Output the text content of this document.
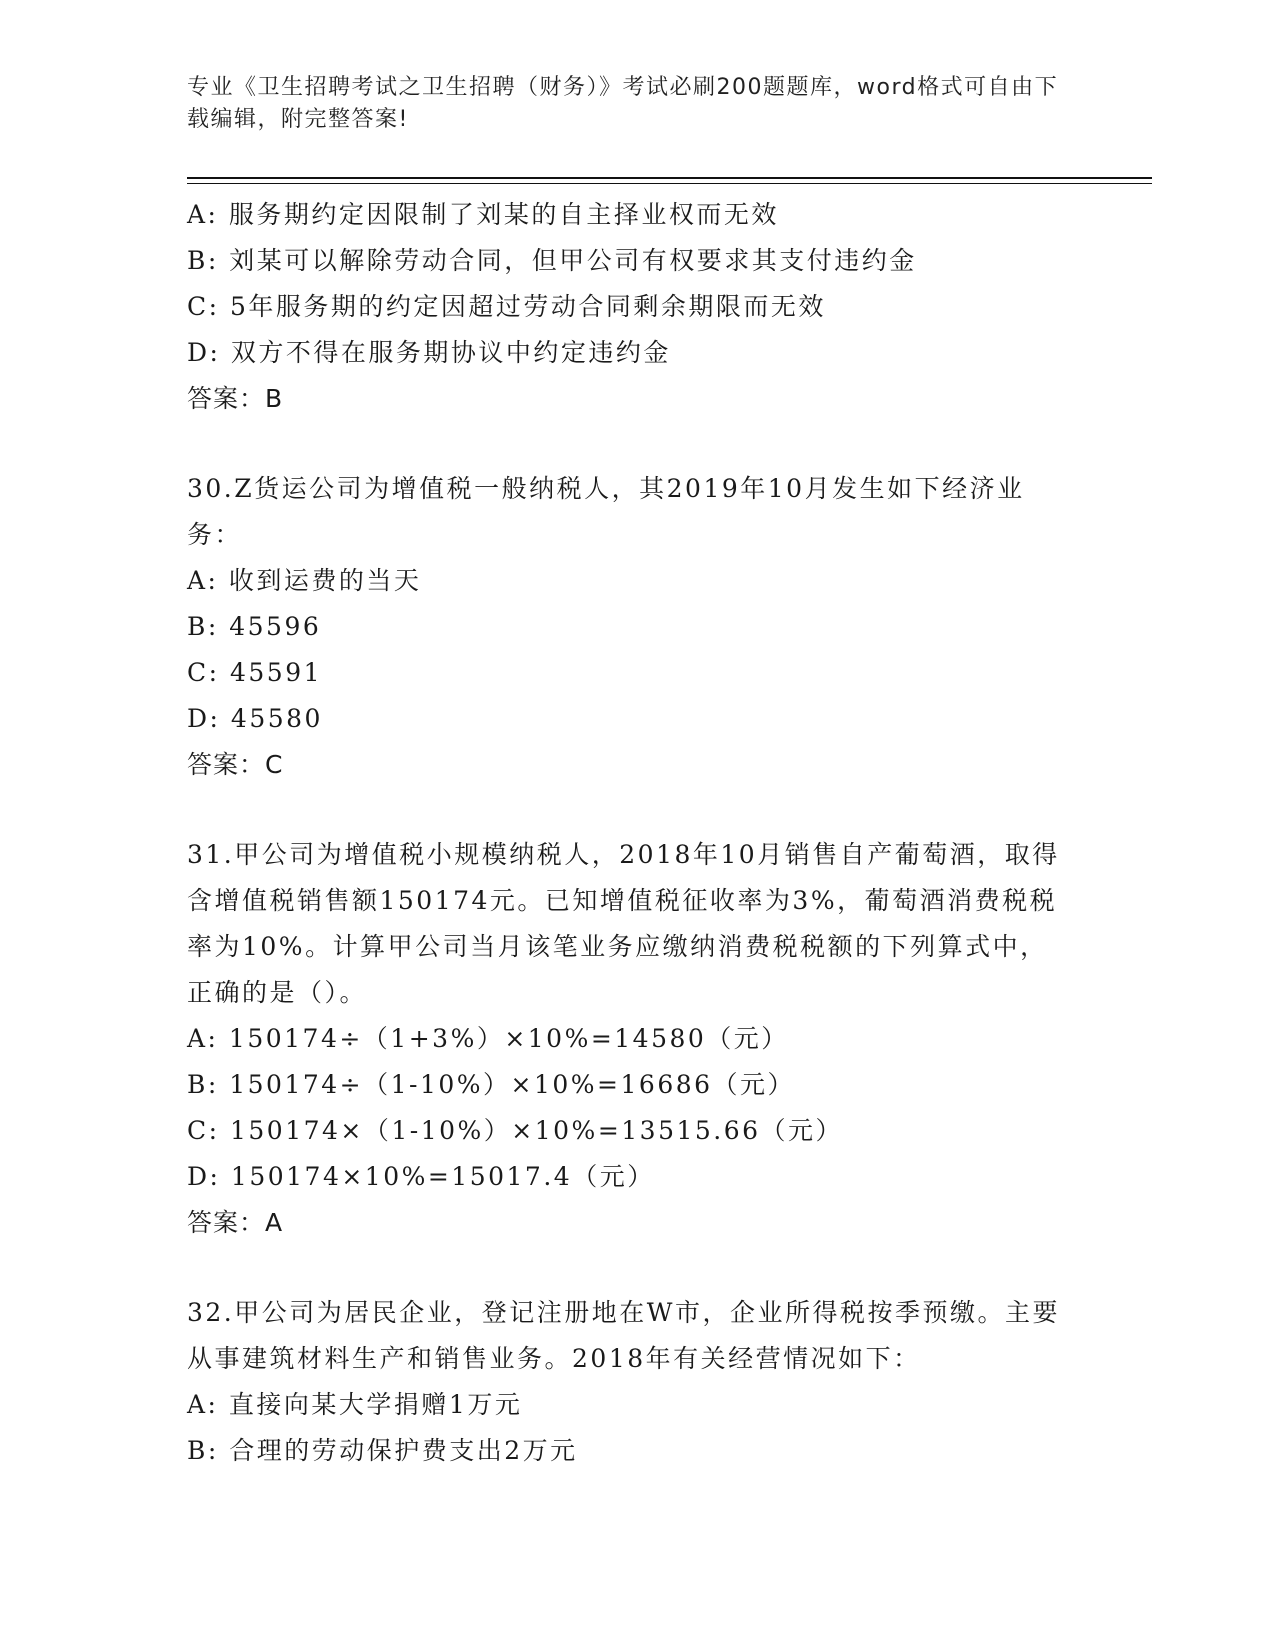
专业《卫生招聘考试之卫生招聘（财务）》考试必刷200题题库，word格式可自由下载编辑，附完整答案!

A: 服务期约定因限制了刘某的自主择业权而无效

B: 刘某可以解除劳动合同，但甲公司有权要求其支付违约金

C: 5年服务期的约定因超过劳动合同剩余期限而无效

D: 双方不得在服务期协议中约定违约金

答案：B

30.Z货运公司为增值税一般纳税人，其2019年10月发生如下经济业务：

A: 收到运费的当天

B: 45596

C: 45591

D: 45580

答案：C

31.甲公司为增值税小规模纳税人，2018年10月销售自产葡萄酒，取得含增值税销售额150174元。已知增值税征收率为3%，葡萄酒消费税税率为10%。计算甲公司当月该笔业务应缴纳消费税税额的下列算式中，正确的是（）。

A: 150174÷（1+3%）×10%=14580（元）

B: 150174÷（1-10%）×10%=16686（元）

C: 150174×（1-10%）×10%=13515.66（元）

D: 150174×10%=15017.4（元）

答案：A

32.甲公司为居民企业，登记注册地在W市，企业所得税按季预缴。主要从事建筑材料生产和销售业务。2018年有关经营情况如下：

A: 直接向某大学捐赠1万元

B: 合理的劳动保护费支出2万元
